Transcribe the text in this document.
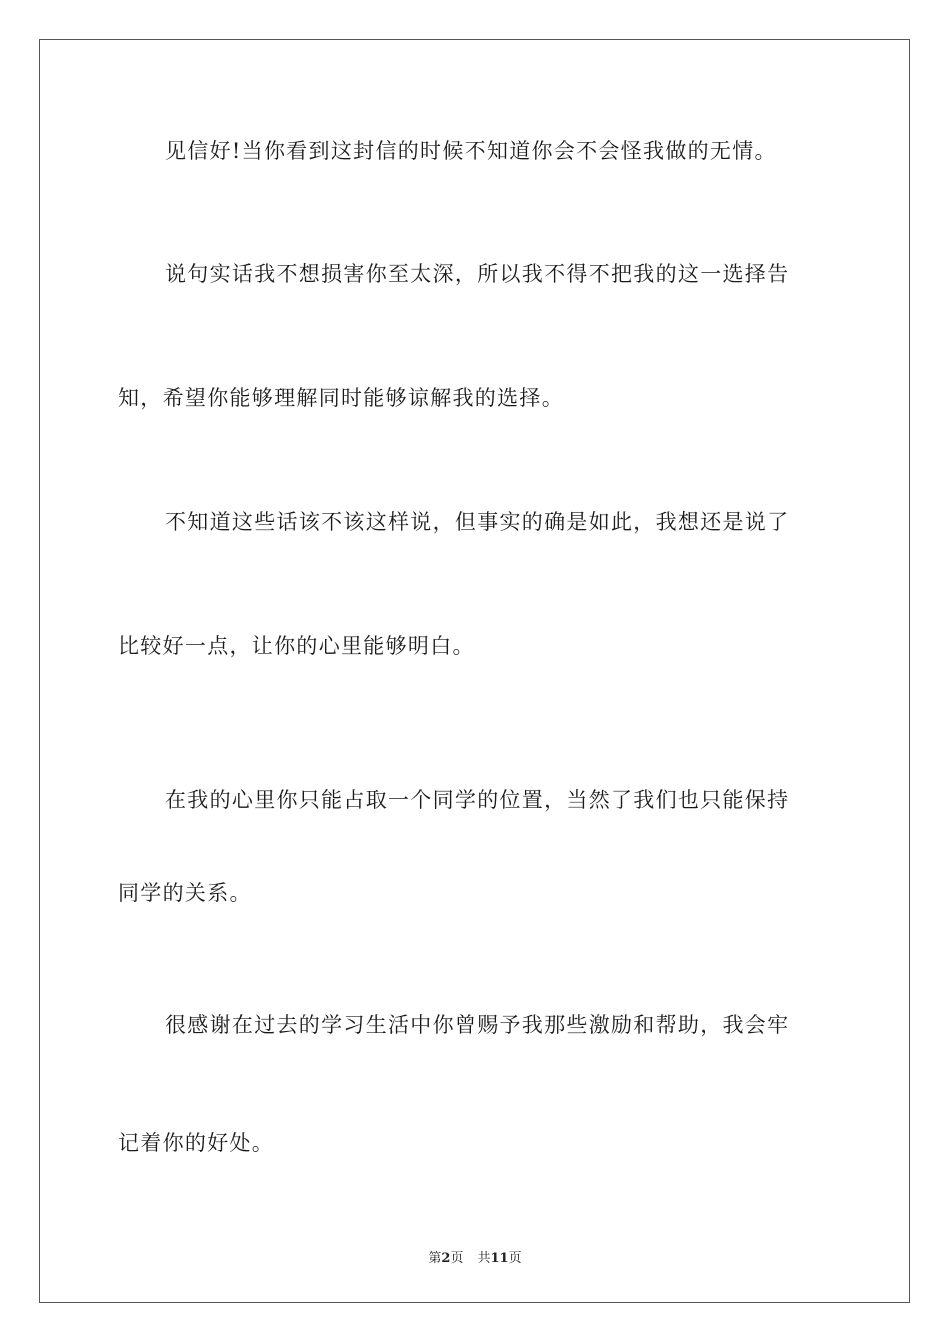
见信好!当你看到这封信的时候不知道你会不会怪我做的无情。
说句实话我不想损害你至太深，所以我不得不把我的这一选择告
知，希望你能够理解同时能够谅解我的选择。
不知道这些话该不该这样说，但事实的确是如此，我想还是说了
比较好一点，让你的心里能够明白。
在我的心里你只能占取一个同学的位置，当然了我们也只能保持
同学的关系。
很感谢在过去的学习生活中你曾赐予我那些激励和帮助，我会牢
记着你的好处。
第2页 共11页
